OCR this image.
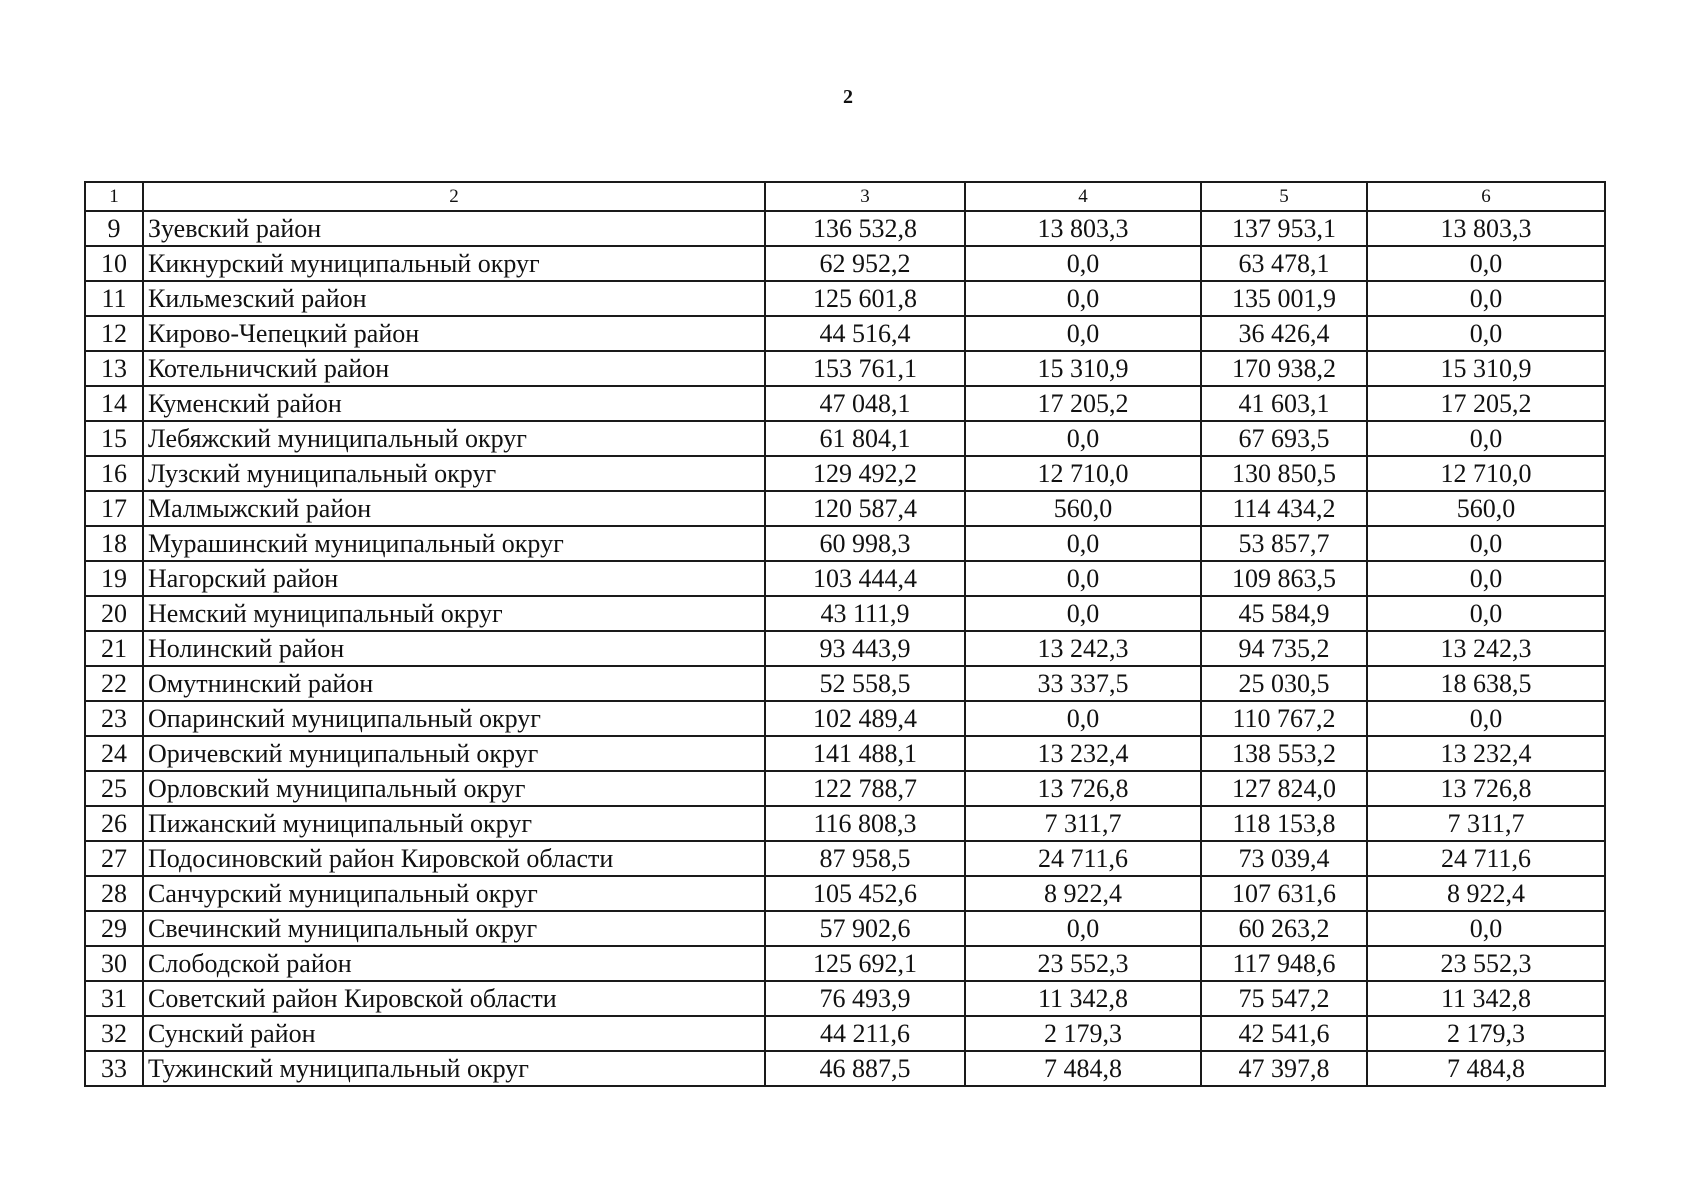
2
1	2	3	4	5	6
9	Зуевский район	136 532,8	13 803,3	137 953,1	13 803,3
10	Кикнурский муниципальный округ	62 952,2	0,0	63 478,1	0,0
11	Кильмезский район	125 601,8	0,0	135 001,9	0,0
12	Кирово-Чепецкий район	44 516,4	0,0	36 426,4	0,0
13	Котельничский район	153 761,1	15 310,9	170 938,2	15 310,9
14	Куменский район	47 048,1	17 205,2	41 603,1	17 205,2
15	Лебяжский муниципальный округ	61 804,1	0,0	67 693,5	0,0
16	Лузский муниципальный округ	129 492,2	12 710,0	130 850,5	12 710,0
17	Малмыжский район	120 587,4	560,0	114 434,2	560,0
18	Мурашинский муниципальный округ	60 998,3	0,0	53 857,7	0,0
19	Нагорский район	103 444,4	0,0	109 863,5	0,0
20	Немский муниципальный округ	43 111,9	0,0	45 584,9	0,0
21	Нолинский район	93 443,9	13 242,3	94 735,2	13 242,3
22	Омутнинский район	52 558,5	33 337,5	25 030,5	18 638,5
23	Опаринский муниципальный округ	102 489,4	0,0	110 767,2	0,0
24	Оричевский муниципальный округ	141 488,1	13 232,4	138 553,2	13 232,4
25	Орловский муниципальный округ	122 788,7	13 726,8	127 824,0	13 726,8
26	Пижанский муниципальный округ	116 808,3	7 311,7	118 153,8	7 311,7
27	Подосиновский район Кировской области	87 958,5	24 711,6	73 039,4	24 711,6
28	Санчурский муниципальный округ	105 452,6	8 922,4	107 631,6	8 922,4
29	Свечинский муниципальный округ	57 902,6	0,0	60 263,2	0,0
30	Слободской район	125 692,1	23 552,3	117 948,6	23 552,3
31	Советский район Кировской области	76 493,9	11 342,8	75 547,2	11 342,8
32	Сунский район	44 211,6	2 179,3	42 541,6	2 179,3
33	Тужинский муниципальный округ	46 887,5	7 484,8	47 397,8	7 484,8
